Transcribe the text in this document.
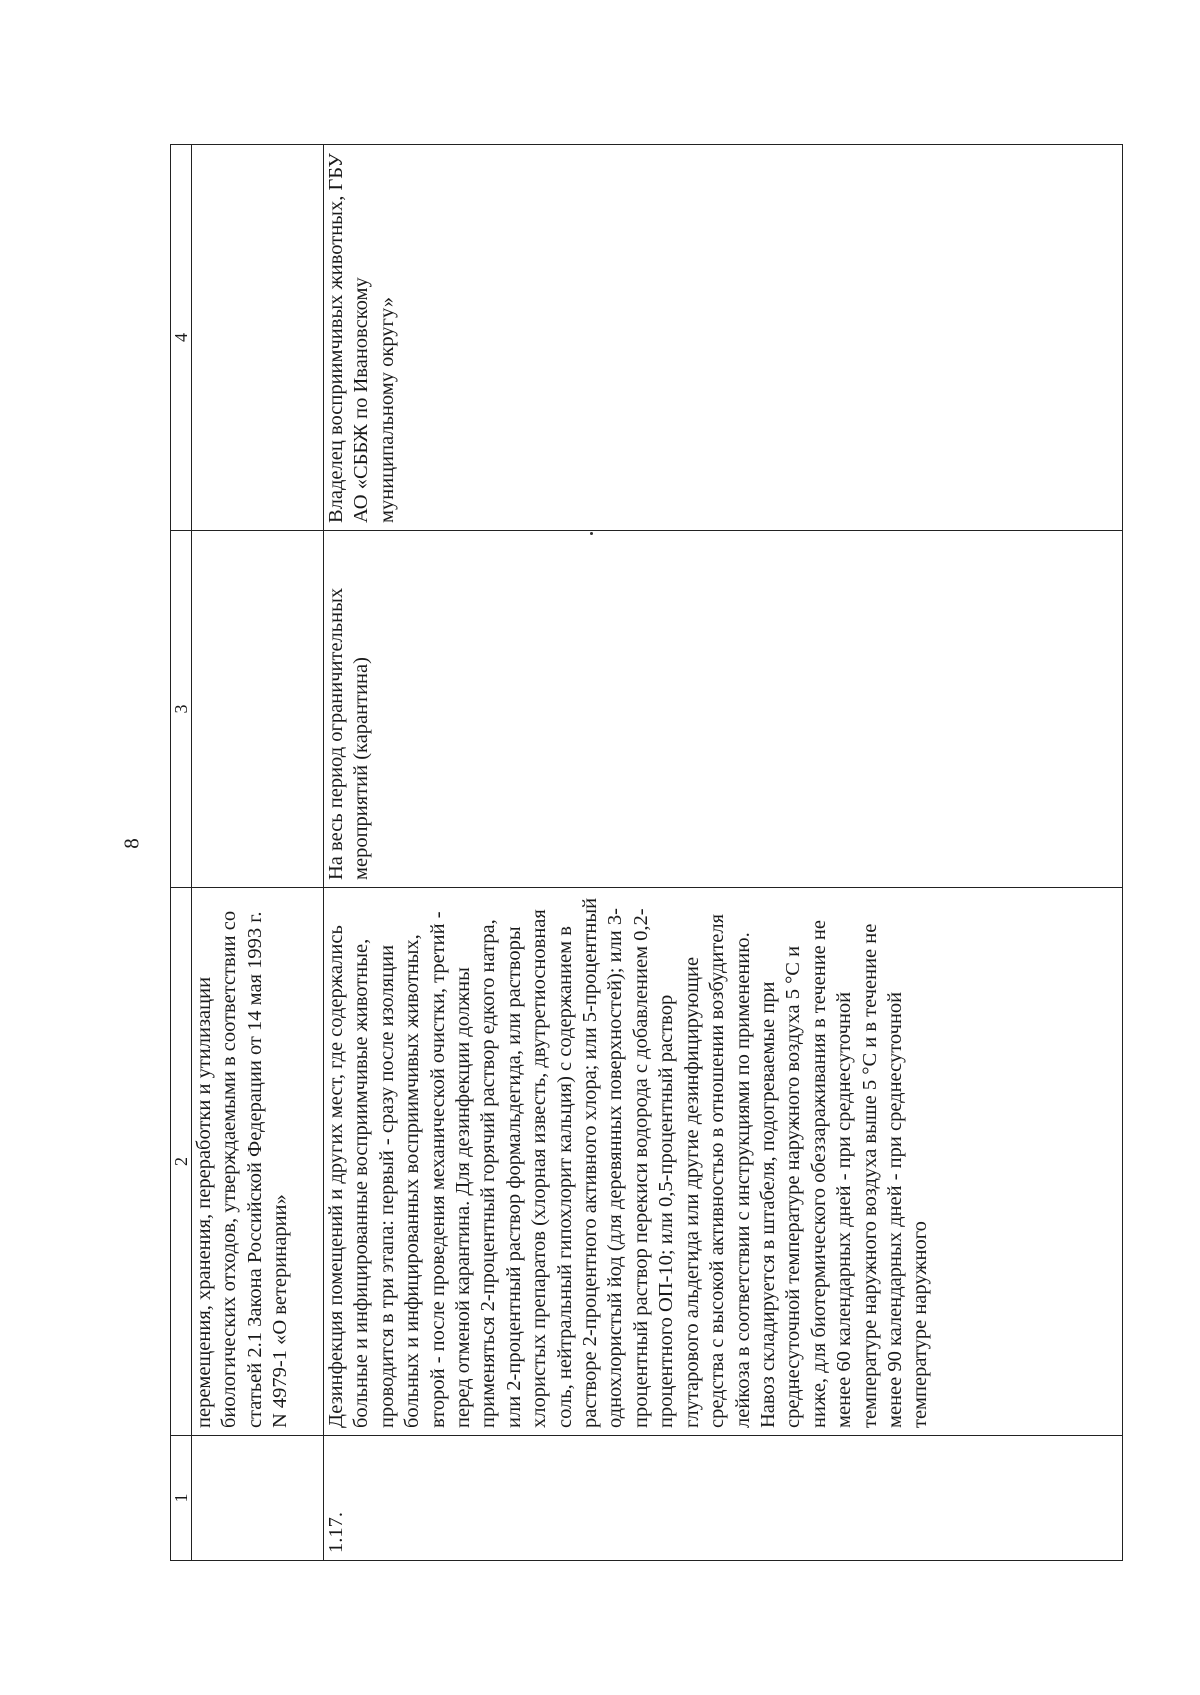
8
1	2	3	4
	перемещения, хранения, переработки и утилизации биологических отходов, утверждаемыми в соответствии со статьей 2.1 Закона Российской Федерации от 14 мая 1993 г. N 4979-1 «О ветеринарии»		
1.17.	Дезинфекция помещений и других мест, где содержались больные и инфицированные восприимчивые животные, проводится в три этапа: первый - сразу после изоляции больных и инфицированных восприимчивых животных, второй - после проведения механической очистки, третий - перед отменой карантина. Для дезинфекции должны применяться 2-процентный горячий раствор едкого натра, или 2-процентный раствор формальдегида, или растворы хлористых препаратов (хлорная известь, двутретиосновная соль, нейтральный гипохлорит кальция) с содержанием в растворе 2-процентного активного хлора; или 5-процентный однохлористый йод (для деревянных поверхностей); или 3-процентный раствор перекиси водорода с добавлением 0,2-процентного ОП-10; или 0,5-процентный раствор глутарового альдегида или другие дезинфицирующие средства с высокой активностью в отношении возбудителя лейкоза в соответствии с инструкциями по применению. Навоз складируется в штабеля, подогреваемые при среднесуточной температуре наружного воздуха 5 °С и ниже, для биотермического обеззараживания в течение не менее 60 календарных дней - при среднесуточной температуре наружного воздуха выше 5 °С и в течение не менее 90 календарных дней - при среднесуточной температуре наружного	На весь период ограничительных мероприятий (карантина)	Владелец восприимчивых животных, ГБУ АО «СББЖ по Ивановскому муниципальному округу»
